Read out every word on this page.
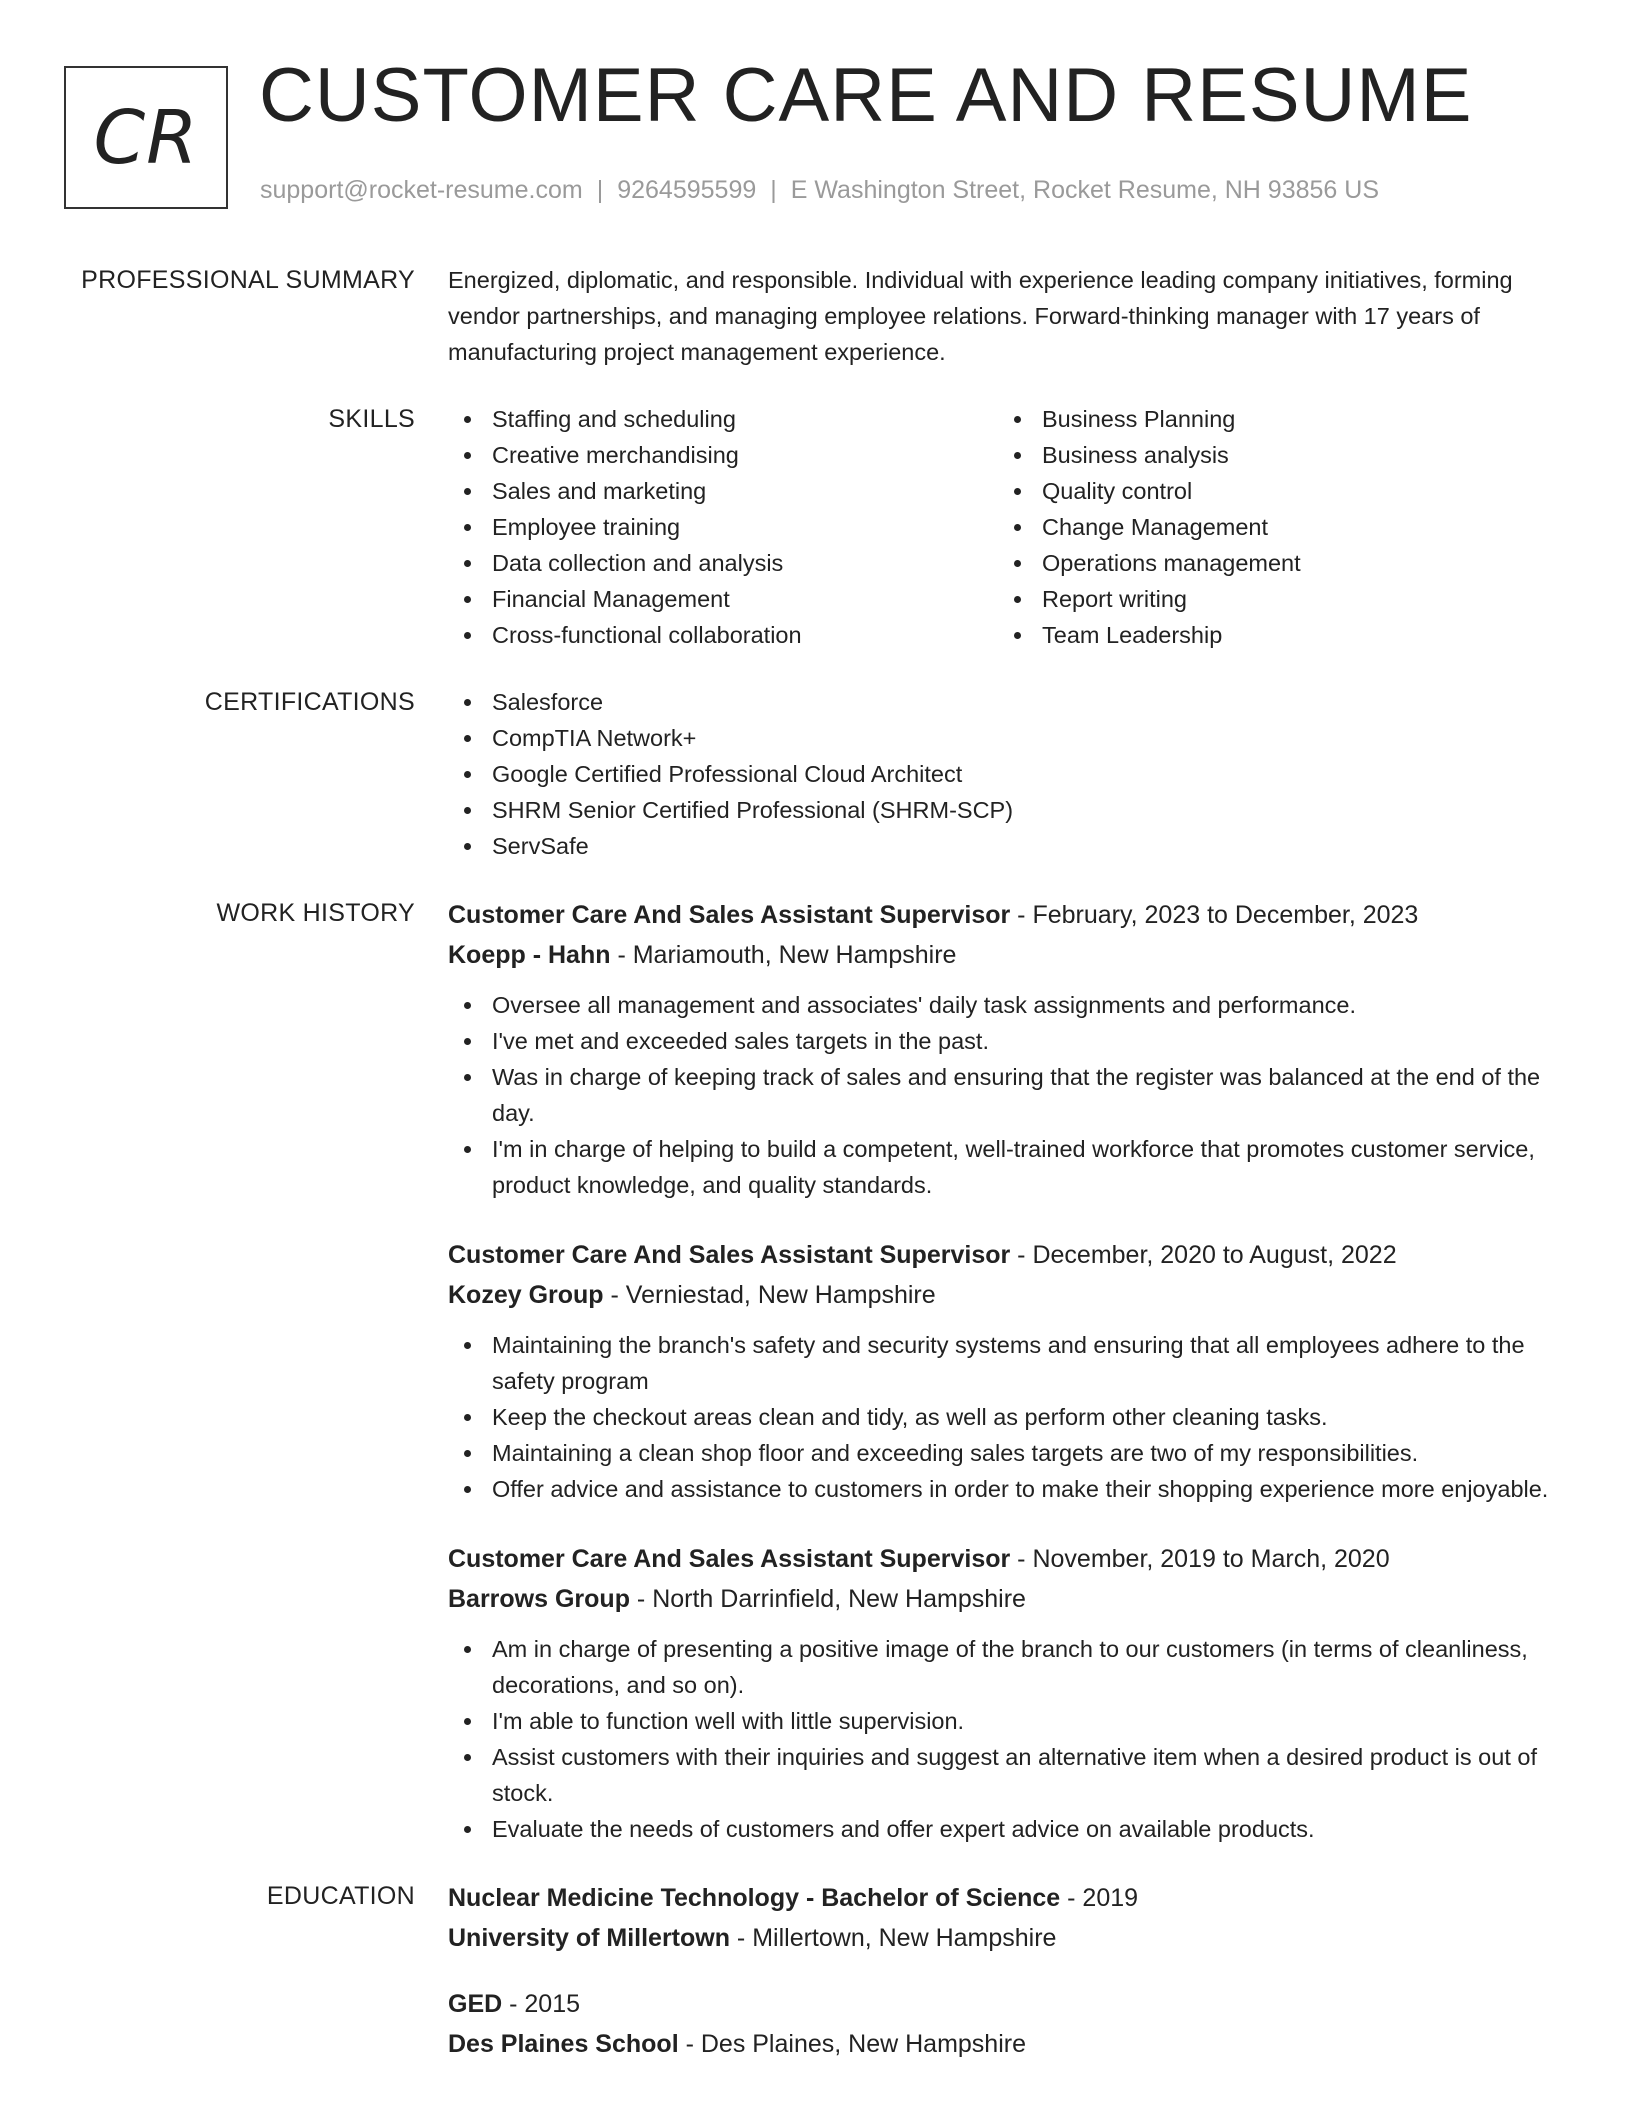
CR CUSTOMER CARE AND RESUME
support@rocket-resume.com | 9264595599 | E Washington Street, Rocket Resume, NH 93856 US
PROFESSIONAL SUMMARY Energized, diplomatic, and responsible. Individual with experience leading company initiatives, forming vendor partnerships, and managing employee relations. Forward-thinking manager with 17 years of manufacturing project management experience.
SKILLS	Staffing and scheduling
Creative merchandising
Sales and marketing
Employee training
Data collection and analysis
Financial Management
Cross-functional collaboration
Business Planning
Business analysis
Quality control
Change Management
Operations management
Report writing
Team Leadership
CERTIFICATIONS	Salesforce
CompTIA Network+
Google Certified Professional Cloud Architect
SHRM Senior Certified Professional (SHRM-SCP)
ServSafe
WORK HISTORY Customer Care And Sales Assistant Supervisor - February, 2023 to December, 2023
Koepp - Hahn - Mariamouth, New Hampshire
Oversee all management and associates' daily task assignments and performance.
I've met and exceeded sales targets in the past.
Was in charge of keeping track of sales and ensuring that the register was balanced at the end of the day.
I'm in charge of helping to build a competent, well-trained workforce that promotes customer service, product knowledge, and quality standards.
Customer Care And Sales Assistant Supervisor - December, 2020 to August, 2022
Kozey Group - Verniestad, New Hampshire
Maintaining the branch's safety and security systems and ensuring that all employees adhere to the safety program
Keep the checkout areas clean and tidy, as well as perform other cleaning tasks.
Maintaining a clean shop floor and exceeding sales targets are two of my responsibilities.
Offer advice and assistance to customers in order to make their shopping experience more enjoyable.
Customer Care And Sales Assistant Supervisor - November, 2019 to March, 2020
Barrows Group - North Darrinfield, New Hampshire
Am in charge of presenting a positive image of the branch to our customers (in terms of cleanliness, decorations, and so on).
I'm able to function well with little supervision.
Assist customers with their inquiries and suggest an alternative item when a desired product is out of stock.
Evaluate the needs of customers and offer expert advice on available products.
EDUCATION Nuclear Medicine Technology - Bachelor of Science - 2019
University of Millertown - Millertown, New Hampshire
GED - 2015
Des Plaines School - Des Plaines, New Hampshire
